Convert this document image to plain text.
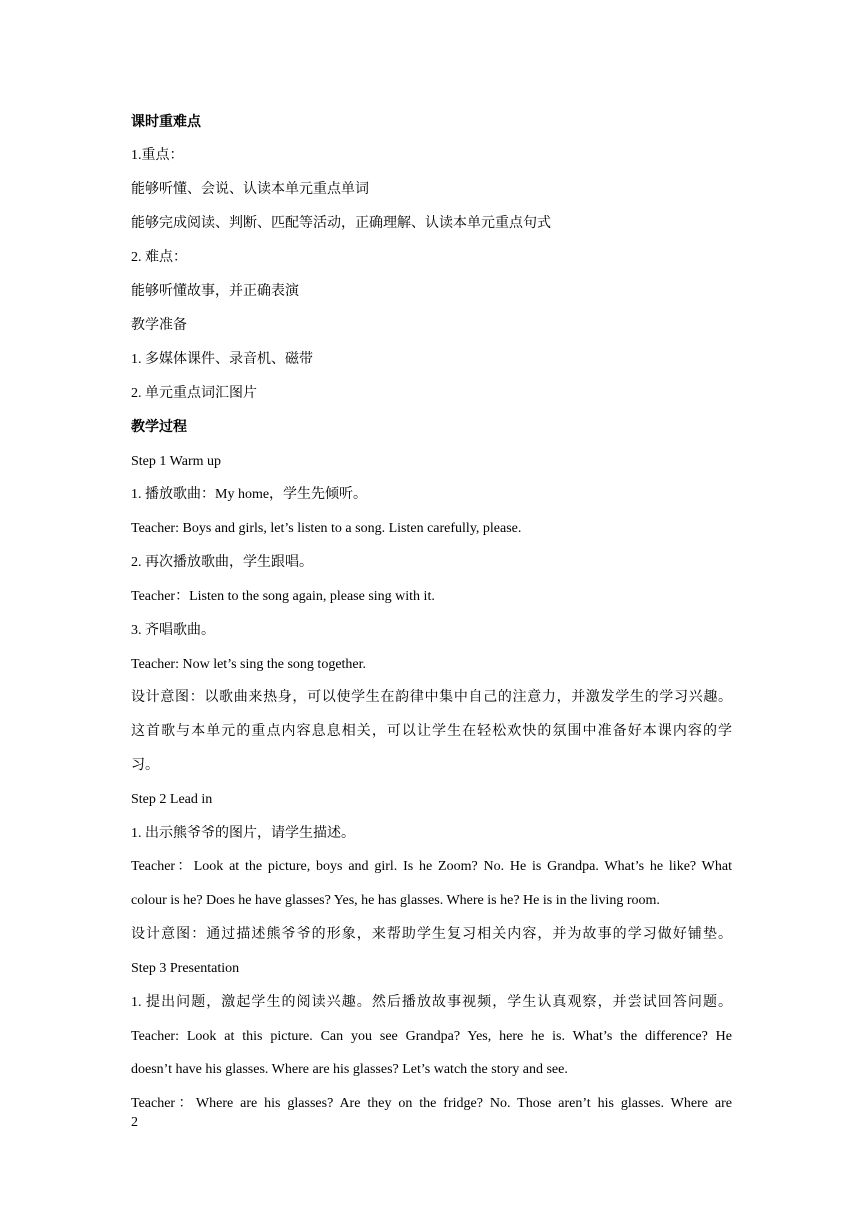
课时重难点
1.重点：
能够听懂、会说、认读本单元重点单词
能够完成阅读、判断、匹配等活动，正确理解、认读本单元重点句式
2. 难点：
能够听懂故事，并正确表演
教学准备
1. 多媒体课件、录音机、磁带
2. 单元重点词汇图片
教学过程
Step 1 Warm up
1. 播放歌曲：My home，学生先倾听。
Teacher: Boys and girls, let’s listen to a song. Listen carefully, please.
2. 再次播放歌曲，学生跟唱。
Teacher：Listen to the song again, please sing with it.
3. 齐唱歌曲。
Teacher: Now let’s sing the song together.
设计意图：以歌曲来热身，可以使学生在韵律中集中自己的注意力，并激发学生的学习兴趣。
这首歌与本单元的重点内容息息相关，可以让学生在轻松欢快的氛围中准备好本课内容的学
习。
Step 2 Lead in
1. 出示熊爷爷的图片，请学生描述。
Teacher：Look at the picture, boys and girl. Is he Zoom? No. He is Grandpa. What’s he like? What
colour is he? Does he have glasses? Yes, he has glasses. Where is he? He is in the living room.
设计意图：通过描述熊爷爷的形象，来帮助学生复习相关内容，并为故事的学习做好铺垫。
Step 3 Presentation
1. 提出问题，激起学生的阅读兴趣。然后播放故事视频，学生认真观察，并尝试回答问题。
Teacher: Look at this picture. Can you see Grandpa? Yes, here he is. What’s the difference? He
doesn’t have his glasses. Where are his glasses? Let’s watch the story and see.
Teacher：Where are his glasses? Are they on the fridge? No. Those aren’t his glasses. Where are
2
